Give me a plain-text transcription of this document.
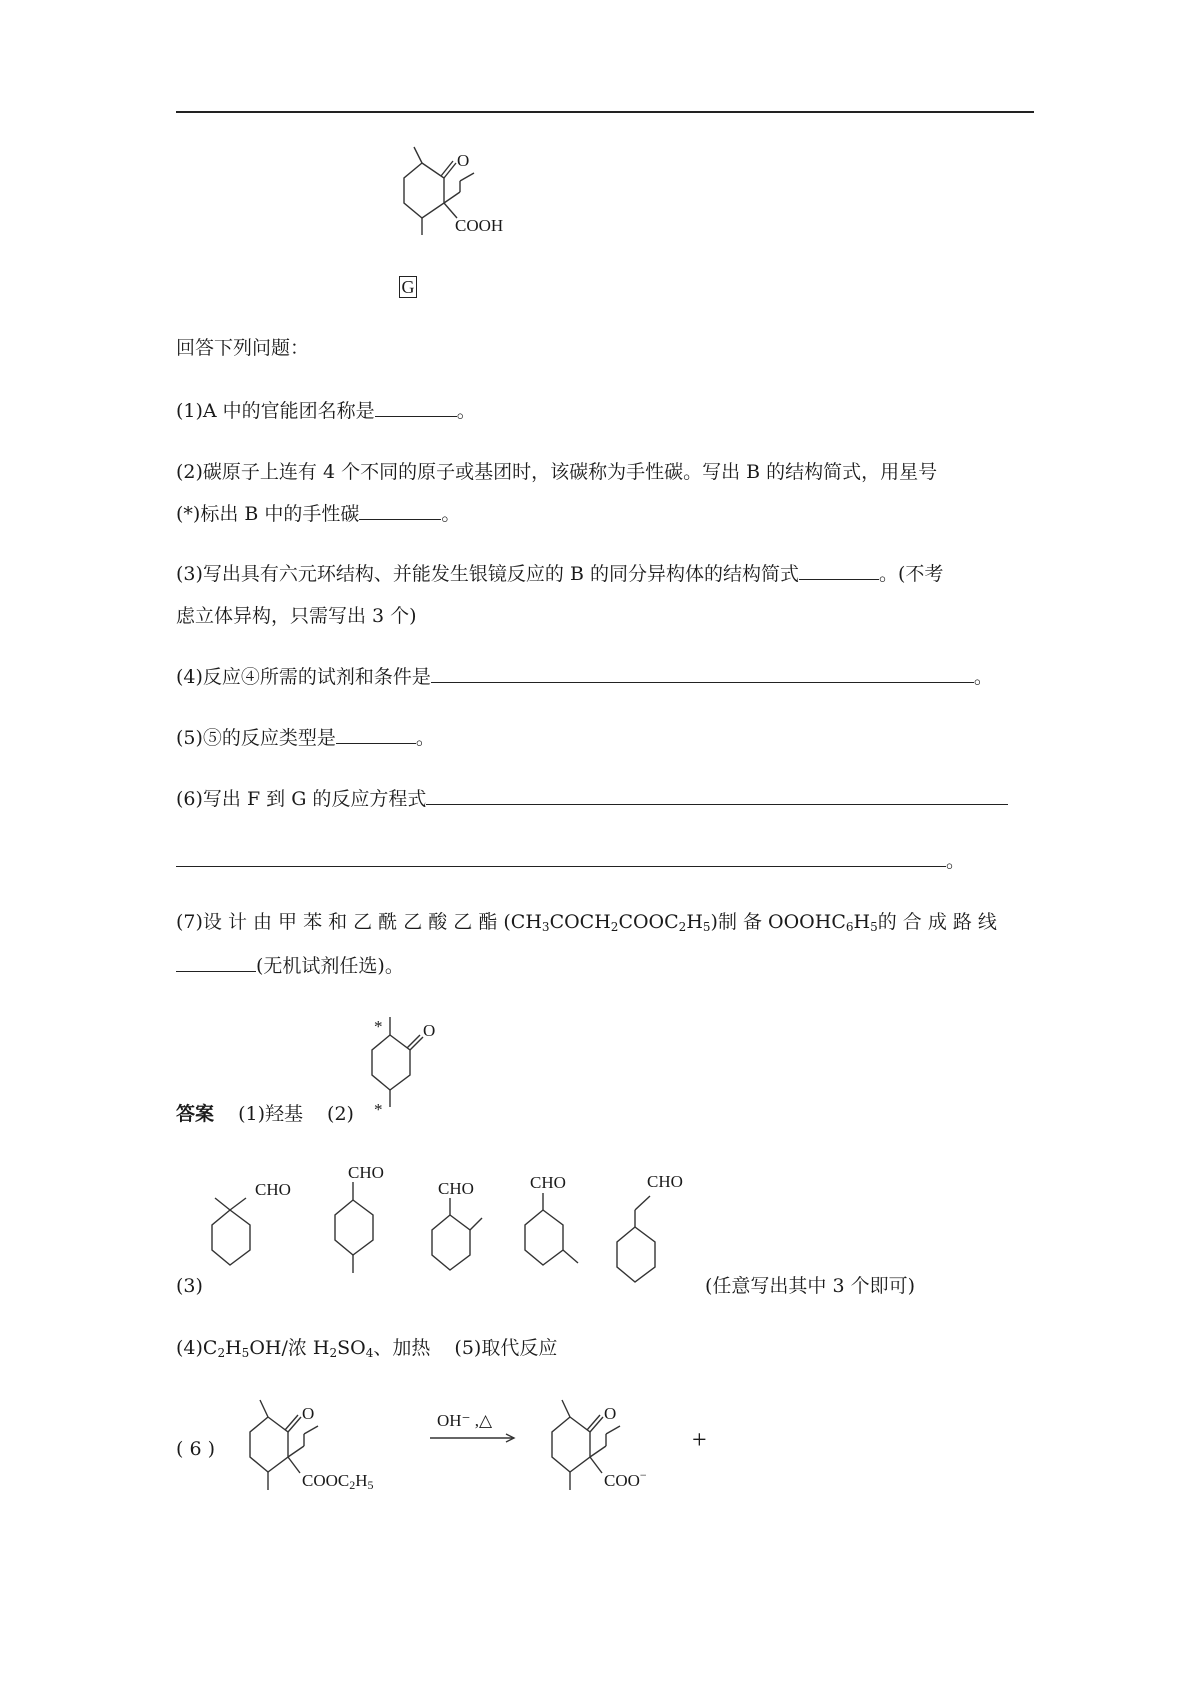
O
COOH
G
回答下列问题：
(1)A 中的官能团名称是	。
(2)碳原子上连有 4 个不同的原子或基团时，该碳称为手性碳。写出 B 的结构简式，用星号
(*)标出 B 中的手性碳	。
(3)写出具有六元环结构、并能发生银镜反应的 B 的同分异构体的结构简式	。(不考
虑立体异构，只需写出 3 个)
(4)反应④所需的试剂和条件是	。
(5)⑤的反应类型是	。
(6)写出 F 到 G 的反应方程式
。
(7)设 计 由 甲 苯 和 乙 酰 乙 酸 乙 酯 $(CH_3COCH_2COOC_2H_5)$制 备 $OOOHC_6H_5$的 合 成 路 线
(无机试剂任选)。
答案 (1)羟基 (2)
* O
*
(3)
CHO
CHO
CHO	CHO	CHO
(任意写出其中 3 个即可)
$(4)C_2H_5OH/$浓 $H_2SO_4$、加热 (5)取代反应
( 6 )
O
COOC2H5
OH⁻ ,△	O
COO−
+
